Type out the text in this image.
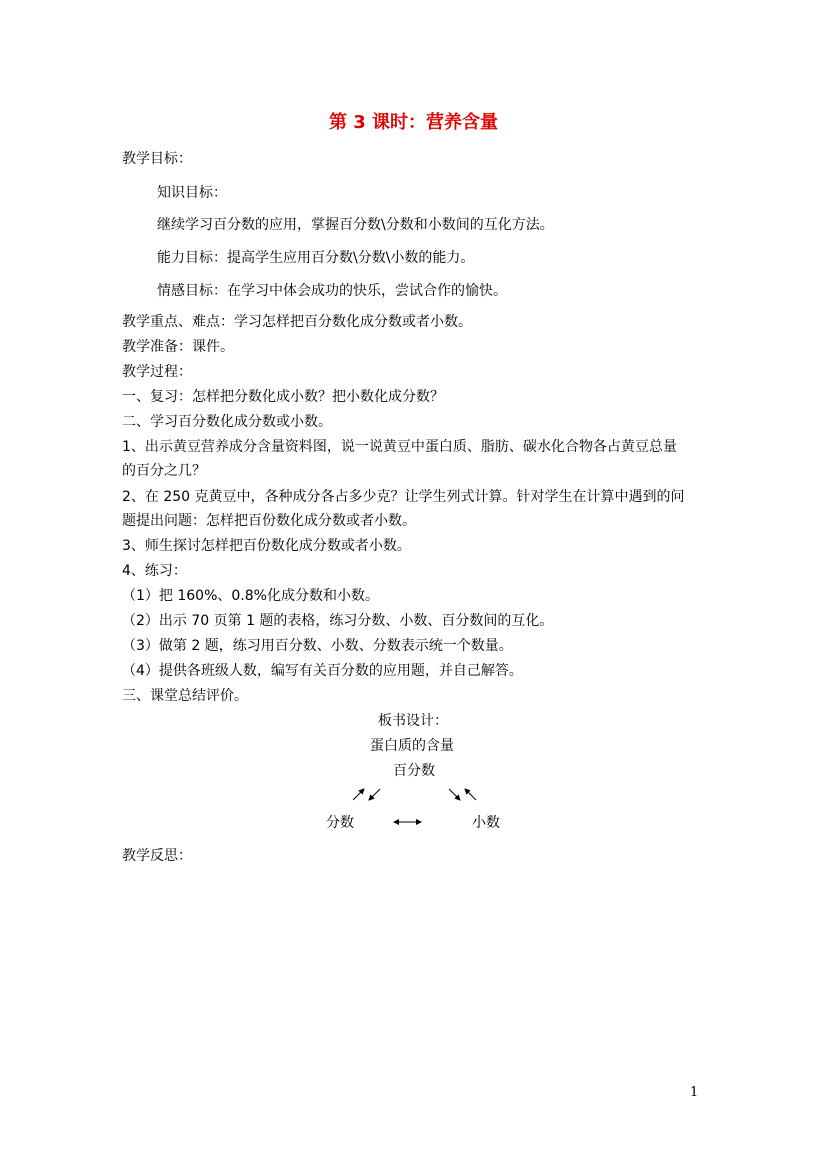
第 3 课时：营养含量

教学目标：

知识目标：

继续学习百分数的应用，掌握百分数\分数和小数间的互化方法。

能力目标：提高学生应用百分数\分数\小数的能力。

情感目标：在学习中体会成功的快乐，尝试合作的愉快。

教学重点、难点：学习怎样把百分数化成分数或者小数。

教学准备：课件。

教学过程：

一、复习：怎样把分数化成小数？把小数化成分数？

二、学习百分数化成分数或小数。

1、出示黄豆营养成分含量资料图，说一说黄豆中蛋白质、脂肪、碳水化合物各占黄豆总量

的百分之几？

2、在 250 克黄豆中，各种成分各占多少克？让学生列式计算。针对学生在计算中遇到的问

题提出问题：怎样把百份数化成分数或者小数。

3、师生探讨怎样把百份数化成分数或者小数。

4、练习：

（1）把 160%、0.8%化成分数和小数。

（2）出示 70 页第 1 题的表格，练习分数、小数、百分数间的互化。

（3）做第 2 题，练习用百分数、小数、分数表示统一个数量。

（4）提供各班级人数，编写有关百分数的应用题，并自己解答。

三、课堂总结评价。

板书设计：
蛋白质的含量
百分数
分数	小数

教学反思：

1
